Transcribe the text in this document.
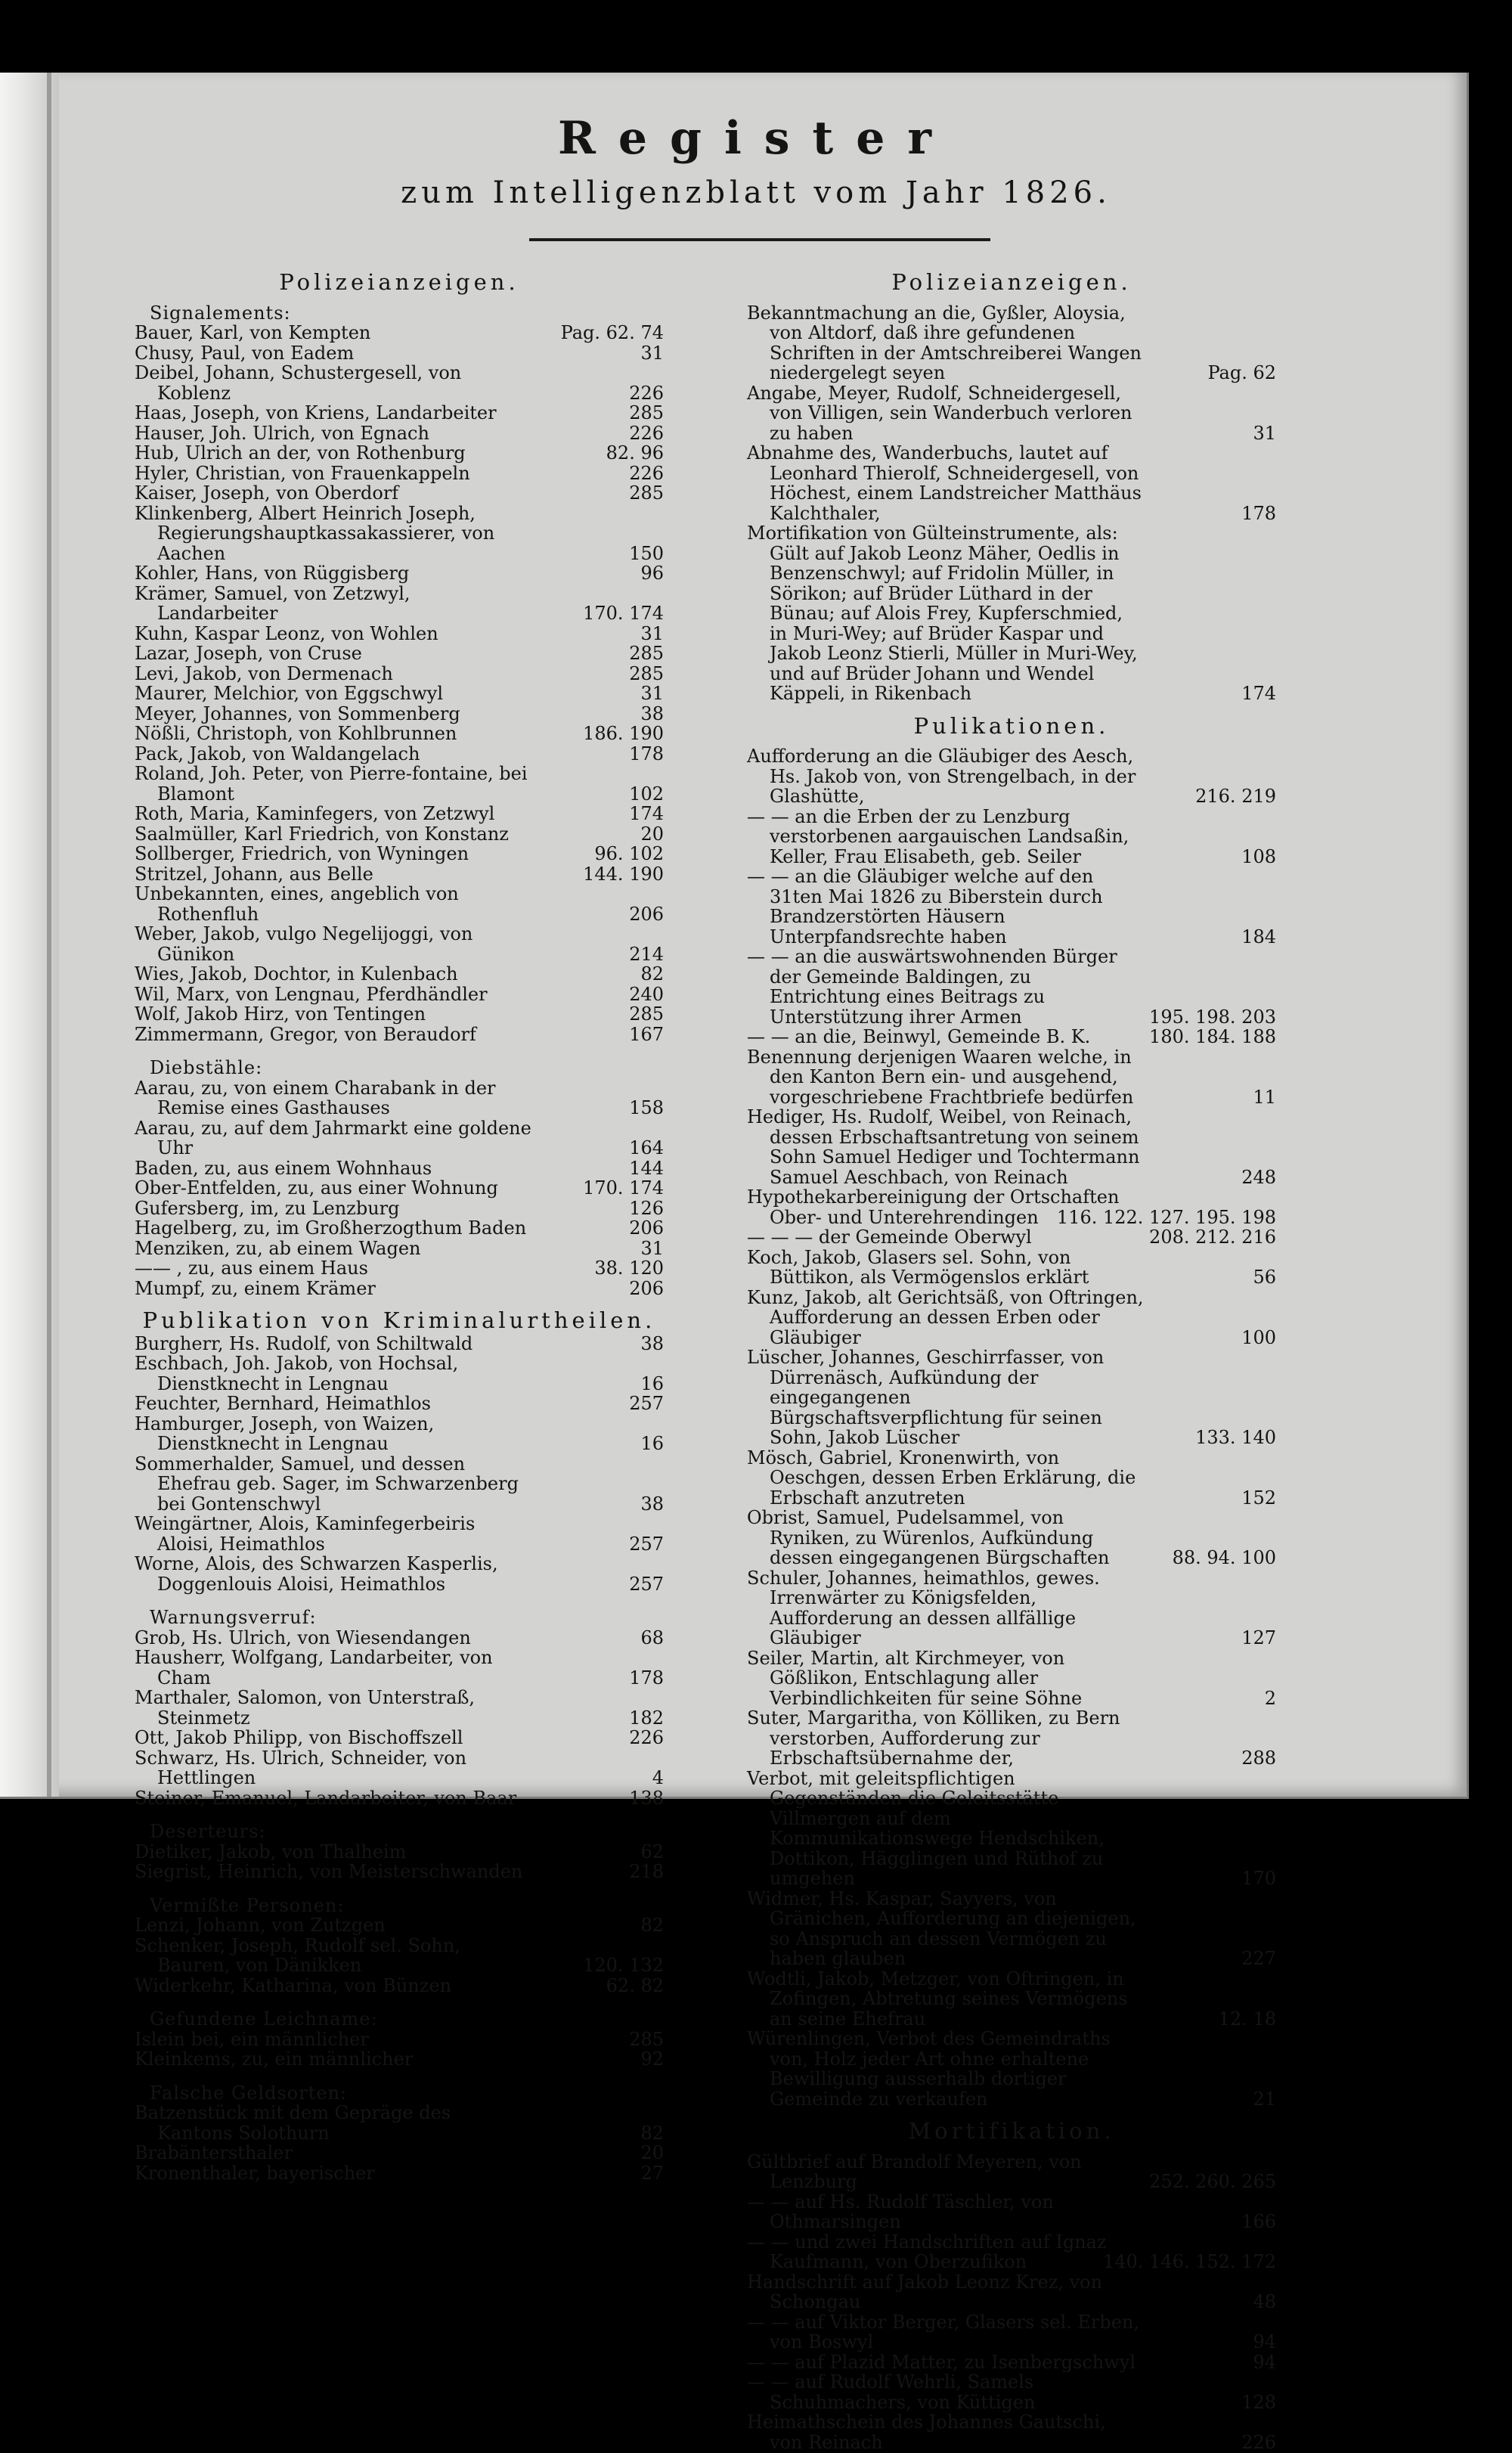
Register
zum Intelligenzblatt vom Jahr 1826.
Polizeianzeigen.
Signalements:
Bauer, Karl, von Kempten	Pag. 62. 74
Chusy, Paul, von Eadem	31
Deibel, Johann, Schustergesell, von Koblenz	226
Haas, Joseph, von Kriens, Landarbeiter	285
Hauser, Joh. Ulrich, von Egnach	226
Hub, Ulrich an der, von Rothenburg	82. 96
Hyler, Christian, von Frauenkappeln	226
Kaiser, Joseph, von Oberdorf	285
Klinkenberg, Albert Heinrich Joseph, Regierungshauptkassakassierer, von Aachen	150
Kohler, Hans, von Rüggisberg	96
Krämer, Samuel, von Zetzwyl, Landarbeiter	170. 174
Kuhn, Kaspar Leonz, von Wohlen	31
Lazar, Joseph, von Cruse	285
Levi, Jakob, von Dermenach	285
Maurer, Melchior, von Eggschwyl	31
Meyer, Johannes, von Sommenberg	38
Nößli, Christoph, von Kohlbrunnen	186. 190
Pack, Jakob, von Waldangelach	178
Roland, Joh. Peter, von Pierre-fontaine, bei Blamont	102
Roth, Maria, Kaminfegers, von Zetzwyl	174
Saalmüller, Karl Friedrich, von Konstanz	20
Sollberger, Friedrich, von Wyningen	96. 102
Stritzel, Johann, aus Belle	144. 190
Unbekannten, eines, angeblich von Rothenfluh	206
Weber, Jakob, vulgo Negelijoggi, von Günikon	214
Wies, Jakob, Dochtor, in Kulenbach	82
Wil, Marx, von Lengnau, Pferdhändler	240
Wolf, Jakob Hirz, von Tentingen	285
Zimmermann, Gregor, von Beraudorf	167
Diebstähle:
Aarau, zu, von einem Charabank in der Remise eines Gasthauses	158
Aarau, zu, auf dem Jahrmarkt eine goldene Uhr	164
Baden, zu, aus einem Wohnhaus	144
Ober-Entfelden, zu, aus einer Wohnung	170. 174
Gufersberg, im, zu Lenzburg	126
Hagelberg, zu, im Großherzogthum Baden	206
Menziken, zu, ab einem Wagen	31
—— , zu, aus einem Haus	38. 120
Mumpf, zu, einem Krämer	206
Publikation von Kriminalurtheilen.
Burgherr, Hs. Rudolf, von Schiltwald	38
Eschbach, Joh. Jakob, von Hochsal, Dienstknecht in Lengnau	16
Feuchter, Bernhard, Heimathlos	257
Hamburger, Joseph, von Waizen, Dienstknecht in Lengnau	16
Sommerhalder, Samuel, und dessen Ehefrau geb. Sager, im Schwarzenberg bei Gontenschwyl	38
Weingärtner, Alois, Kaminfegerbeiris Aloisi, Heimathlos	257
Worne, Alois, des Schwarzen Kasperlis, Doggenlouis Aloisi, Heimathlos	257
Warnungsverruf:
Grob, Hs. Ulrich, von Wiesendangen	68
Hausherr, Wolfgang, Landarbeiter, von Cham	178
Marthaler, Salomon, von Unterstraß, Steinmetz	182
Ott, Jakob Philipp, von Bischoffszell	226
Schwarz, Hs. Ulrich, Schneider, von Hettlingen	4
Steiner, Emanuel, Landarbeiter, von Baar	138
Deserteurs:
Dietiker, Jakob, von Thalheim	62
Siegrist, Heinrich, von Meisterschwanden	218
Vermißte Personen:
Lenzi, Johann, von Zutzgen	82
Schenker, Joseph, Rudolf sel. Sohn, Bauren, von Dänikken	120. 132
Widerkehr, Katharina, von Bünzen	62. 82
Gefundene Leichname:
Islein bei, ein männlicher	285
Kleinkems, zu, ein männlicher	92
Falsche Geldsorten:
Batzenstück mit dem Gepräge des Kantons Solothurn	82
Brabäntersthaler	20
Kronenthaler, bayerischer	27
Polizeianzeigen.
Bekanntmachung an die, Gyßler, Aloysia, von Altdorf, daß ihre gefundenen Schriften in der Amtschreiberei Wangen niedergelegt seyen	Pag. 62
Angabe, Meyer, Rudolf, Schneidergesell, von Villigen, sein Wanderbuch verloren zu haben	31
Abnahme des, Wanderbuchs, lautet auf Leonhard Thierolf, Schneidergesell, von Höchest, einem Landstreicher Matthäus Kalchthaler,	178
Mortifikation von Gülteinstrumente, als: Gült auf Jakob Leonz Mäher, Oedlis in Benzenschwyl; auf Fridolin Müller, in Sörikon; auf Brüder Lüthard in der Bünau; auf Alois Frey, Kupferschmied, in Muri-Wey; auf Brüder Kaspar und Jakob Leonz Stierli, Müller in Muri-Wey, und auf Brüder Johann und Wendel Käppeli, in Rikenbach	174
Pulikationen.
Aufforderung an die Gläubiger des Aesch, Hs. Jakob von, von Strengelbach, in der Glashütte,	216. 219
— — an die Erben der zu Lenzburg verstorbenen aargauischen Landsaßin, Keller, Frau Elisabeth, geb. Seiler	108
— — an die Gläubiger welche auf den 31ten Mai 1826 zu Biberstein durch Brandzerstörten Häusern Unterpfandsrechte haben	184
— — an die auswärtswohnenden Bürger der Gemeinde Baldingen, zu Entrichtung eines Beitrags zu Unterstützung ihrer Armen	195. 198. 203
— — an die, Beinwyl, Gemeinde B. K.	180. 184. 188
Benennung derjenigen Waaren welche, in den Kanton Bern ein- und ausgehend, vorgeschriebene Frachtbriefe bedürfen	11
Hediger, Hs. Rudolf, Weibel, von Reinach, dessen Erbschaftsantretung von seinem Sohn Samuel Hediger und Tochtermann Samuel Aeschbach, von Reinach	248
Hypothekarbereinigung der Ortschaften Ober- und Unterehrendingen	116. 122. 127. 195. 198
— — — der Gemeinde Oberwyl	208. 212. 216
Koch, Jakob, Glasers sel. Sohn, von Büttikon, als Vermögenslos erklärt	56
Kunz, Jakob, alt Gerichtsäß, von Oftringen, Aufforderung an dessen Erben oder Gläubiger	100
Lüscher, Johannes, Geschirrfasser, von Dürrenäsch, Aufkündung der eingegangenen Bürgschaftsverpflichtung für seinen Sohn, Jakob Lüscher	133. 140
Mösch, Gabriel, Kronenwirth, von Oeschgen, dessen Erben Erklärung, die Erbschaft anzutreten	152
Obrist, Samuel, Pudelsammel, von Ryniken, zu Würenlos, Aufkündung dessen eingegangenen Bürgschaften	88. 94. 100
Schuler, Johannes, heimathlos, gewes. Irrenwärter zu Königsfelden, Aufforderung an dessen allfällige Gläubiger	127
Seiler, Martin, alt Kirchmeyer, von Gößlikon, Entschlagung aller Verbindlichkeiten für seine Söhne	2
Suter, Margaritha, von Kölliken, zu Bern verstorben, Aufforderung zur Erbschaftsübernahme der,	288
Verbot, mit geleitspflichtigen Gegenständen die Geleitsstätte Villmergen auf dem Kommunikationswege Hendschiken, Dottikon, Hägglingen und Rüthof zu umgehen	170
Widmer, Hs. Kaspar, Sayyers, von Gränichen, Aufforderung an diejenigen, so Anspruch an dessen Vermögen zu haben glauben	227
Wodtli, Jakob, Metzger, von Oftringen, in Zofingen, Abtretung seines Vermögens an seine Ehefrau	12. 18
Würenlingen, Verbot des Gemeindraths von, Holz jeder Art ohne erhaltene Bewilligung ausserhalb dortiger Gemeinde zu verkaufen	21
Mortifikation.
Gültbrief auf Brandolf Meyeren, von Lenzburg	252. 260. 265
— — auf Hs. Rudolf Täschler, von Othmarsingen	166
— — und zwei Handschriften auf Ignaz Kaufmann, von Oberzufikon	140. 146. 152. 172
Handschrift auf Jakob Leonz Krez, von Schongau	48
— — auf Viktor Berger, Glasers sel. Erben, von Boswyl	94
— — auf Plazid Matter, zu Isenbergschwyl	94
— — auf Rudolf Wehrli, Samels Schuhmachers, von Küttigen	128
Heimathschein des Johannes Gautschi, von Reinach	226
